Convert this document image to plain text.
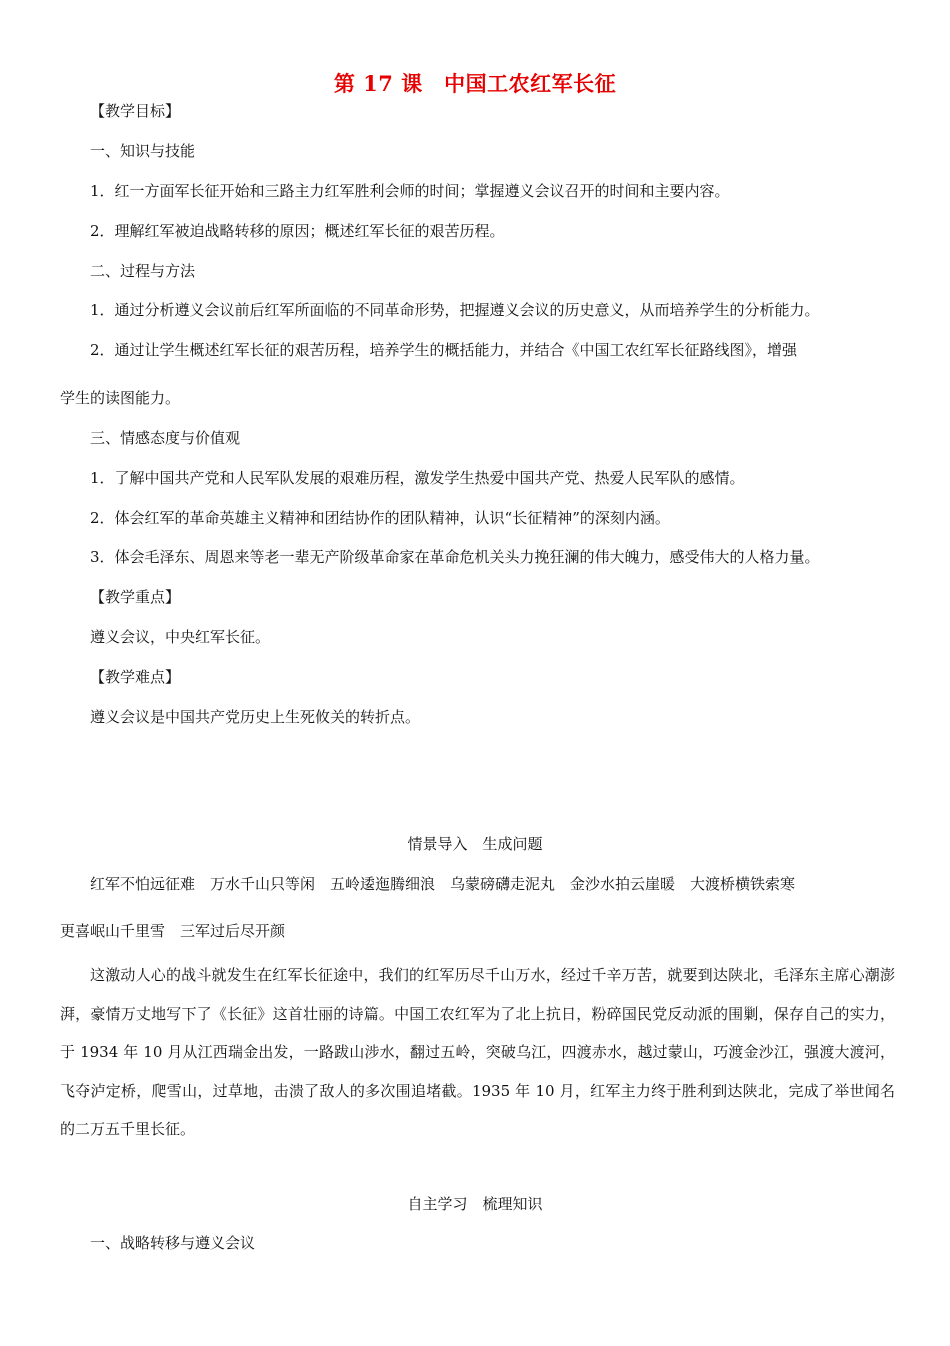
第 17 课　中国工农红军长征

【教学目标】

一、知识与技能

1．红一方面军长征开始和三路主力红军胜利会师的时间；掌握遵义会议召开的时间和主要内容。

2．理解红军被迫战略转移的原因；概述红军长征的艰苦历程。

二、过程与方法

1．通过分析遵义会议前后红军所面临的不同革命形势，把握遵义会议的历史意义，从而培养学生的分析能力。

2．通过让学生概述红军长征的艰苦历程，培养学生的概括能力，并结合《中国工农红军长征路线图》，增强

学生的读图能力。

三、情感态度与价值观

1．了解中国共产党和人民军队发展的艰难历程，激发学生热爱中国共产党、热爱人民军队的感情。

2．体会红军的革命英雄主义精神和团结协作的团队精神，认识“长征精神”的深刻内涵。

3．体会毛泽东、周恩来等老一辈无产阶级革命家在革命危机关头力挽狂澜的伟大魄力，感受伟大的人格力量。

【教学重点】

遵义会议，中央红军长征。

【教学难点】

遵义会议是中国共产党历史上生死攸关的转折点。

情景导入　生成问题

红军不怕远征难　万水千山只等闲　五岭逶迤腾细浪　乌蒙磅礴走泥丸　金沙水拍云崖暖　大渡桥横铁索寒

更喜岷山千里雪　三军过后尽开颜

这激动人心的战斗就发生在红军长征途中，我们的红军历尽千山万水，经过千辛万苦，就要到达陕北，毛泽东主席心潮澎湃，豪情万丈地写下了《长征》这首壮丽的诗篇。中国工农红军为了北上抗日，粉碎国民党反动派的围剿，保存自己的实力，于 1934 年 10 月从江西瑞金出发，一路跋山涉水，翻过五岭，突破乌江，四渡赤水，越过蒙山，巧渡金沙江，强渡大渡河，飞夺泸定桥，爬雪山，过草地，击溃了敌人的多次围追堵截。1935 年 10 月，红军主力终于胜利到达陕北，完成了举世闻名的二万五千里长征。

自主学习　梳理知识

一、战略转移与遵义会议
